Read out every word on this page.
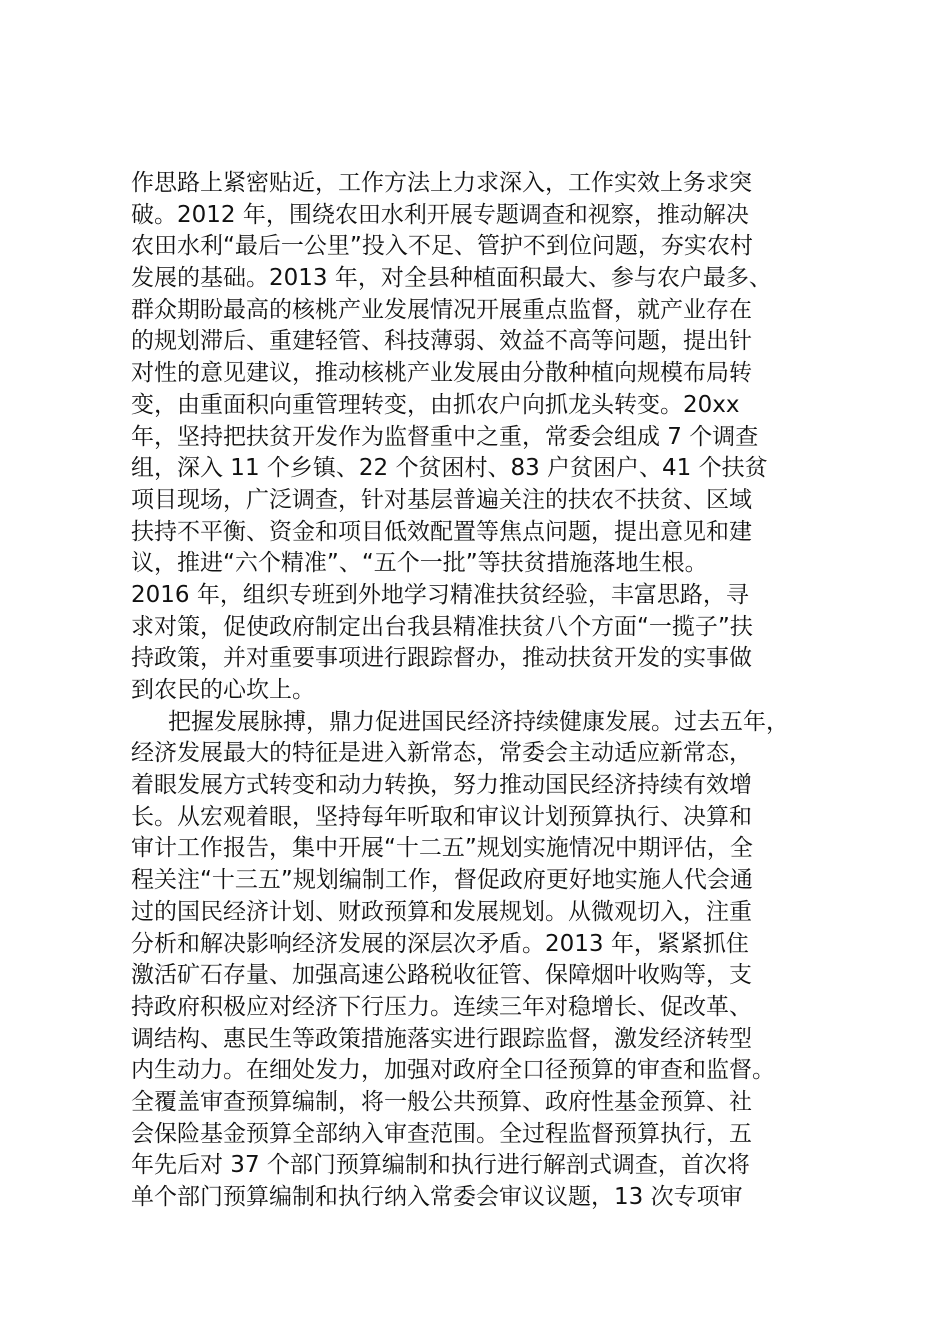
作思路上紧密贴近，工作方法上力求深入，工作实效上务求突
破。2012 年，围绕农田水利开展专题调查和视察，推动解决
农田水利“最后一公里”投入不足、管护不到位问题，夯实农村
发展的基础。2013 年，对全县种植面积最大、参与农户最多、
群众期盼最高的核桃产业发展情况开展重点监督，就产业存在
的规划滞后、重建轻管、科技薄弱、效益不高等问题，提出针
对性的意见建议，推动核桃产业发展由分散种植向规模布局转
变，由重面积向重管理转变，由抓农户向抓龙头转变。20xx
年，坚持把扶贫开发作为监督重中之重，常委会组成 7 个调查
组，深入 11 个乡镇、22 个贫困村、83 户贫困户、41 个扶贫
项目现场，广泛调查，针对基层普遍关注的扶农不扶贫、区域
扶持不平衡、资金和项目低效配置等焦点问题，提出意见和建
议，推进“六个精准”、“五个一批”等扶贫措施落地生根。
2016 年，组织专班到外地学习精准扶贫经验，丰富思路，寻
求对策，促使政府制定出台我县精准扶贫八个方面“一揽子”扶
持政策，并对重要事项进行跟踪督办，推动扶贫开发的实事做
到农民的心坎上。
把握发展脉搏，鼎力促进国民经济持续健康发展。过去五年，
经济发展最大的特征是进入新常态，常委会主动适应新常态，
着眼发展方式转变和动力转换，努力推动国民经济持续有效增
长。从宏观着眼，坚持每年听取和审议计划预算执行、决算和
审计工作报告，集中开展“十二五”规划实施情况中期评估，全
程关注“十三五”规划编制工作，督促政府更好地实施人代会通
过的国民经济计划、财政预算和发展规划。从微观切入，注重
分析和解决影响经济发展的深层次矛盾。2013 年，紧紧抓住
激活矿石存量、加强高速公路税收征管、保障烟叶收购等，支
持政府积极应对经济下行压力。连续三年对稳增长、促改革、
调结构、惠民生等政策措施落实进行跟踪监督，激发经济转型
内生动力。在细处发力，加强对政府全口径预算的审查和监督。
全覆盖审查预算编制，将一般公共预算、政府性基金预算、社
会保险基金预算全部纳入审查范围。全过程监督预算执行，五
年先后对 37 个部门预算编制和执行进行解剖式调查，首次将
单个部门预算编制和执行纳入常委会审议议题，13 次专项审
